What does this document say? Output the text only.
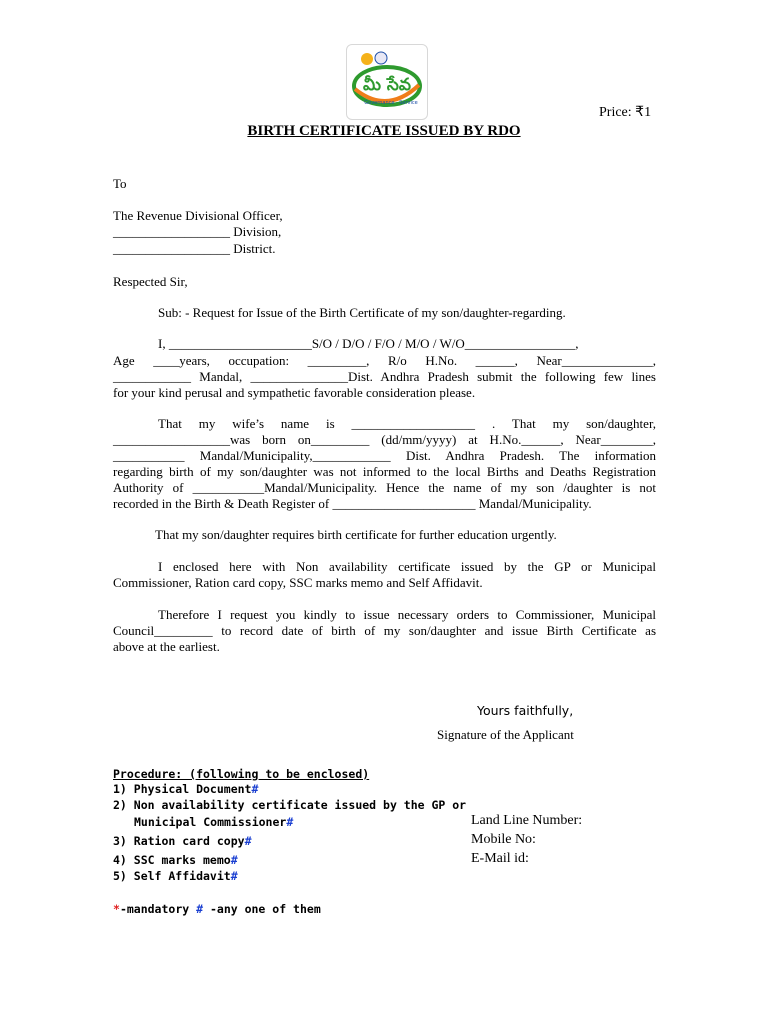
మీ సేవ
Governance · Service
Price: ₹1
BIRTH CERTIFICATE ISSUED BY RDO
To
The Revenue Divisional Officer,
__________________ Division,
__________________ District.
Respected Sir,
Sub: - Request for Issue of the Birth Certificate of my son/daughter-regarding.
I, ______________________S/O / D/O / F/O / M/O / W/O_________________,
Age ____years, occupation: _________, R/o H.No. ______, Near______________,
____________ Mandal, _______________Dist. Andhra Pradesh submit the following few lines
for your kind perusal and sympathetic favorable consideration please.
That my wife’s name is ___________________ . That my son/daughter,
__________________was born on_________ (dd/mm/yyyy) at H.No.______, Near________,
___________ Mandal/Municipality,____________ Dist. Andhra Pradesh. The information
regarding birth of my son/daughter was not informed to the local Births and Deaths Registration
Authority of ___________Mandal/Municipality. Hence the name of my son /daughter is not
recorded in the Birth & Death Register of ______________________ Mandal/Municipality.
That my son/daughter requires birth certificate for further education urgently.
I enclosed here with Non availability certificate issued by the GP or Municipal
Commissioner, Ration card copy, SSC marks memo and Self Affidavit.
Therefore I request you kindly to issue necessary orders to Commissioner, Municipal
Council_________ to record date of birth of my son/daughter and issue Birth Certificate as
above at the earliest.
Yours faithfully,
Signature of the Applicant
Procedure: (following to be enclosed)
1) Physical Document#
2) Non availability certificate issued by the GP or
Municipal Commissioner#
3) Ration card copy#
4) SSC marks memo#
5) Self Affidavit#
*-mandatory # -any one of them
Land Line Number:
Mobile No:
E-Mail id:
